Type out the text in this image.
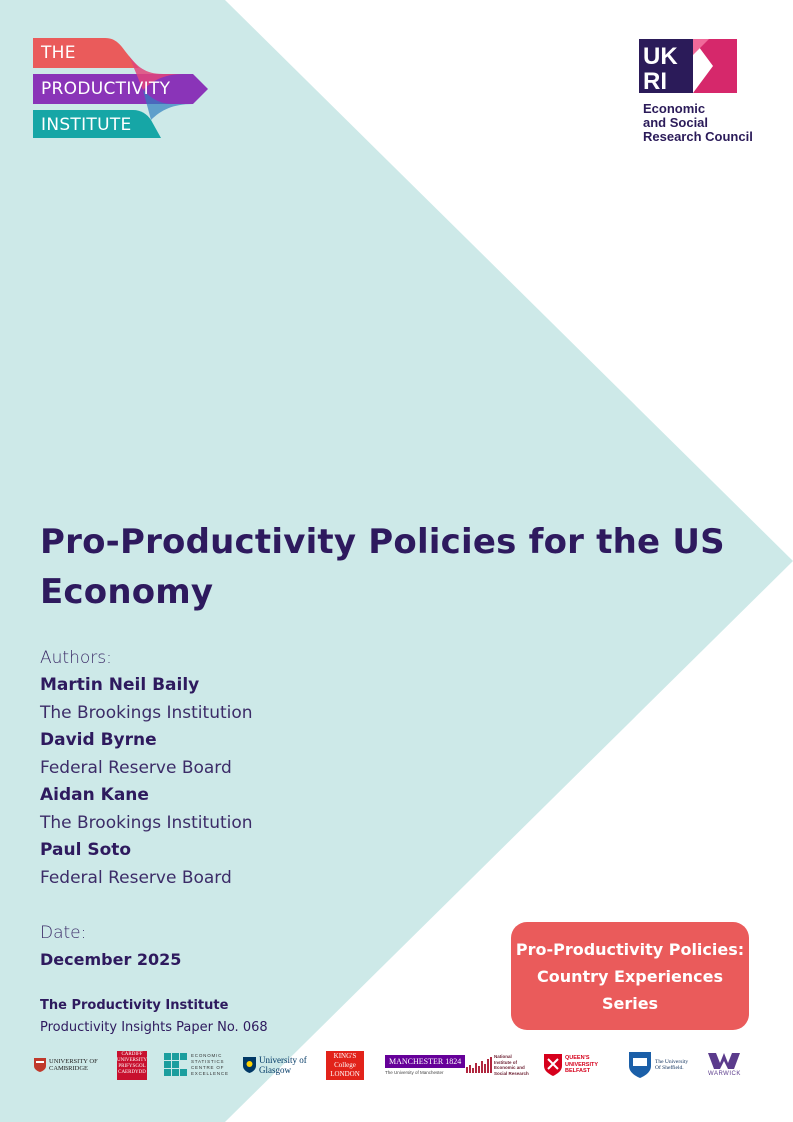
THE
PRODUCTIVITY
INSTITUTE
UK
RI
Economic
and Social
Research Council
Pro-Productivity Policies for the US
Economy
Authors:
Martin Neil Baily
The Brookings Institution
David Byrne
Federal Reserve Board
Aidan Kane
The Brookings Institution
Paul Soto
Federal Reserve Board
Date:
December 2025
The Productivity Institute
Productivity Insights Paper No. 068
Pro-Productivity Policies:
Country Experiences
Series
UNIVERSITY OF CAMBRIDGE
CARDIFF UNIVERSITY PRIFYSGOL CAERDYDD
ECONOMIC STATISTICS CENTRE OF EXCELLENCE
University of Glasgow
KING'S College LONDON
MANCHESTER 1824
The University of Manchester
National Institute of Economic and Social Research
QUEEN'S UNIVERSITY BELFAST
The University Of Sheffield.
WARWICK
